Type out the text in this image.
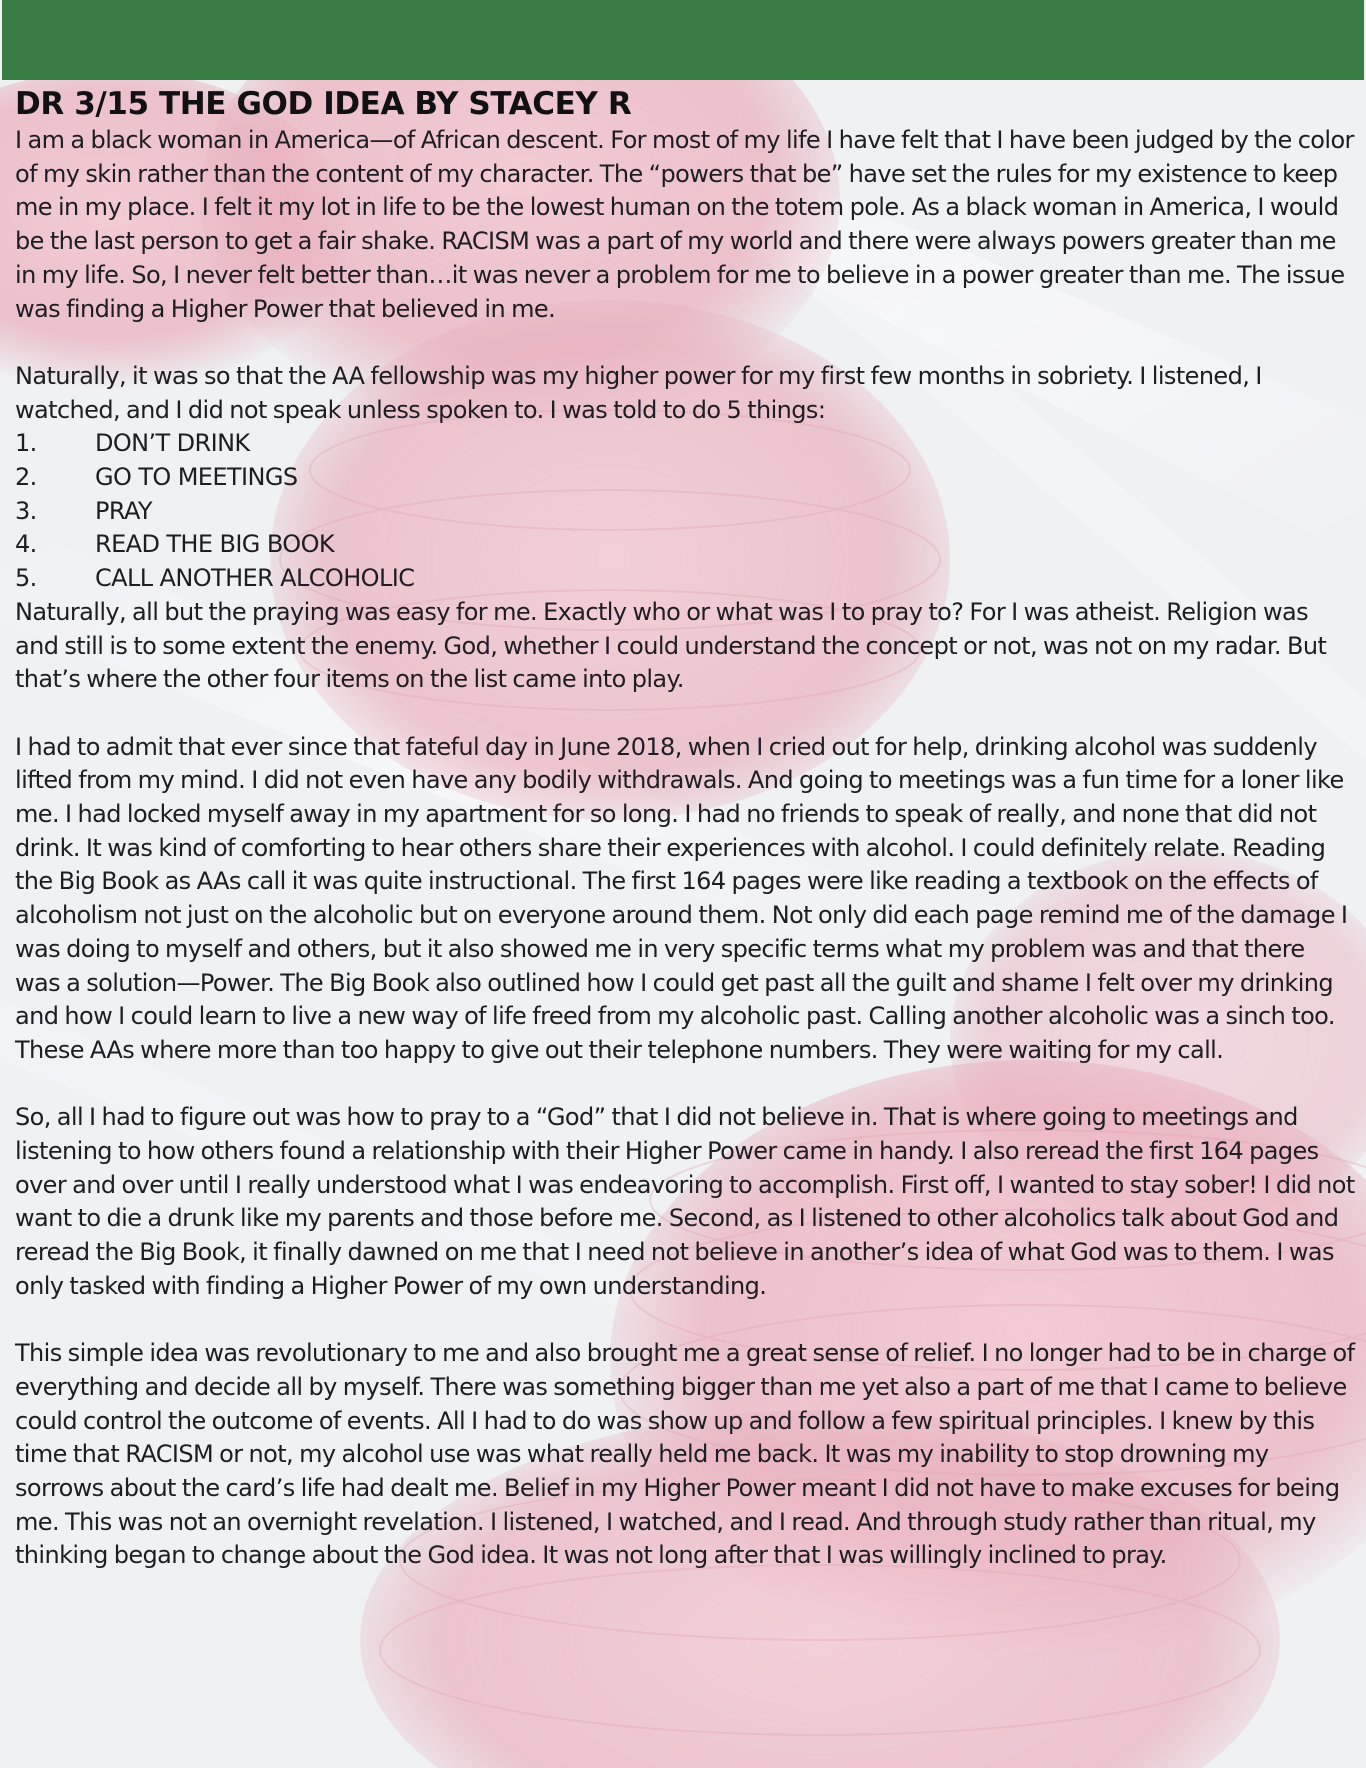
DR 3/15 THE GOD IDEA BY STACEY R

I am a black woman in America—of African descent. For most of my life I have felt that I have been judged by the color of my skin rather than the content of my character. The “powers that be” have set the rules for my existence to keep me in my place. I felt it my lot in life to be the lowest human on the totem pole. As a black woman in America, I would be the last person to get a fair shake. RACISM was a part of my world and there were always powers greater than me in my life. So, I never felt better than…it was never a problem for me to believe in a power greater than me. The issue was finding a Higher Power that believed in me.

Naturally, it was so that the AA fellowship was my higher power for my first few months in sobriety. I listened, I watched, and I did not speak unless spoken to. I was told to do 5 things:

1.	DON’T DRINK
2.	GO TO MEETINGS
3.	PRAY
4.	READ THE BIG BOOK
5.	CALL ANOTHER ALCOHOLIC

Naturally, all but the praying was easy for me. Exactly who or what was I to pray to? For I was atheist. Religion was and still is to some extent the enemy. God, whether I could understand the concept or not, was not on my radar. But that’s where the other four items on the list came into play.

I had to admit that ever since that fateful day in June 2018, when I cried out for help, drinking alcohol was suddenly lifted from my mind. I did not even have any bodily withdrawals. And going to meetings was a fun time for a loner like me. I had locked myself away in my apartment for so long. I had no friends to speak of really, and none that did not drink. It was kind of comforting to hear others share their experiences with alcohol. I could definitely relate. Reading the Big Book as AAs call it was quite instructional. The first 164 pages were like reading a textbook on the effects of alcoholism not just on the alcoholic but on everyone around them. Not only did each page remind me of the damage I was doing to myself and others, but it also showed me in very specific terms what my problem was and that there was a solution—Power. The Big Book also outlined how I could get past all the guilt and shame I felt over my drinking and how I could learn to live a new way of life freed from my alcoholic past. Calling another alcoholic was a sinch too. These AAs where more than too happy to give out their telephone numbers. They were waiting for my call.

So, all I had to figure out was how to pray to a “God” that I did not believe in. That is where going to meetings and listening to how others found a relationship with their Higher Power came in handy. I also reread the first 164 pages over and over until I really understood what I was endeavoring to accomplish. First off, I wanted to stay sober! I did not want to die a drunk like my parents and those before me. Second, as I listened to other alcoholics talk about God and reread the Big Book, it finally dawned on me that I need not believe in another’s idea of what God was to them. I was only tasked with finding a Higher Power of my own understanding.

This simple idea was revolutionary to me and also brought me a great sense of relief. I no longer had to be in charge of everything and decide all by myself. There was something bigger than me yet also a part of me that I came to believe could control the outcome of events. All I had to do was show up and follow a few spiritual principles. I knew by this time that RACISM or not, my alcohol use was what really held me back. It was my inability to stop drowning my sorrows about the card’s life had dealt me. Belief in my Higher Power meant I did not have to make excuses for being me. This was not an overnight revelation. I listened, I watched, and I read. And through study rather than ritual, my thinking began to change about the God idea. It was not long after that I was willingly inclined to pray.
